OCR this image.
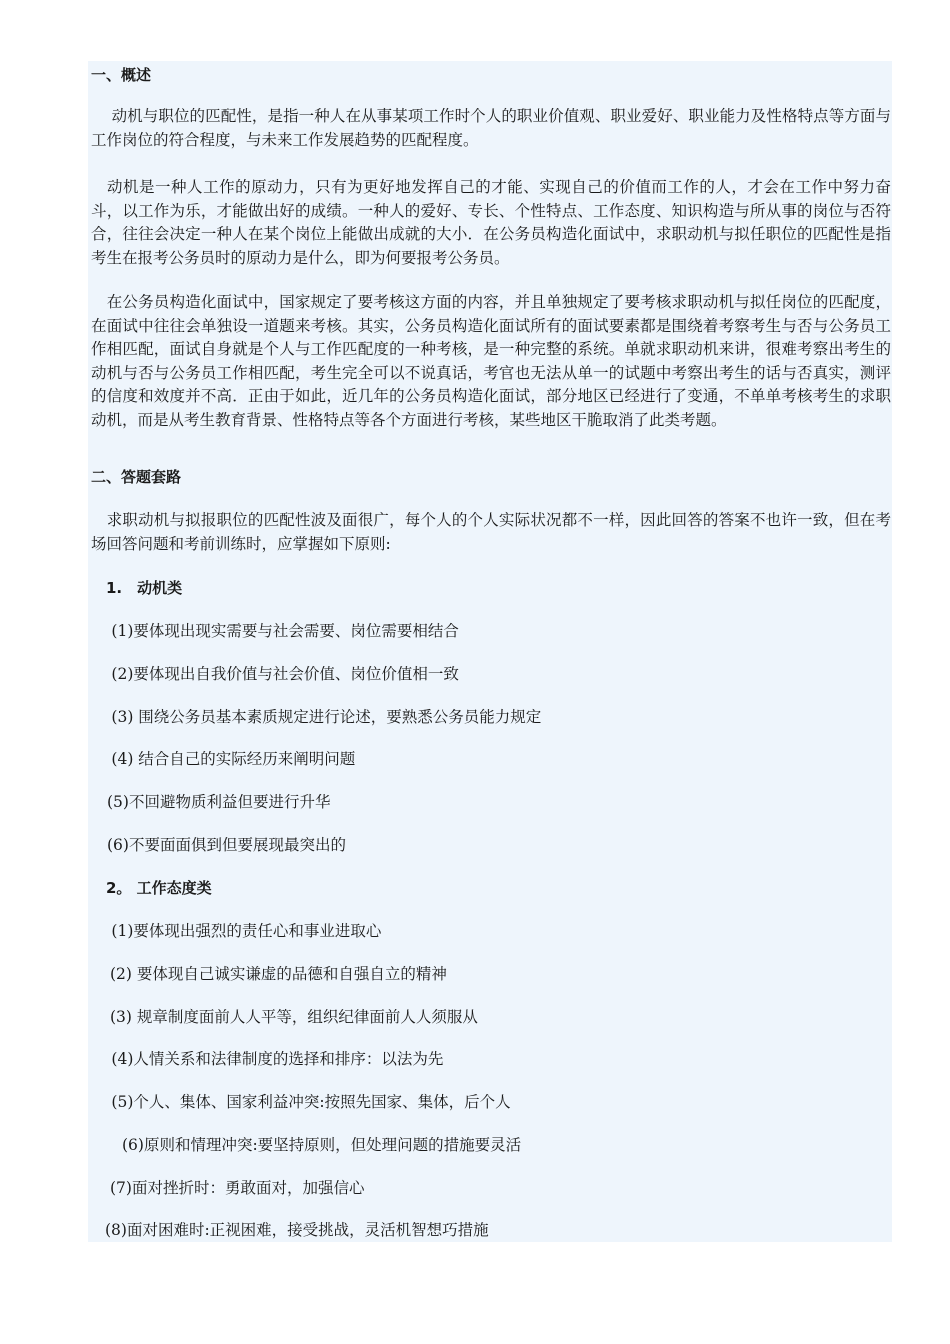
一、概述
　 动机与职位的匹配性，是指一种人在从事某项工作时个人的职业价值观、职业爱好、职业能力及性格特点等方面与工作岗位的符合程度，与未来工作发展趋势的匹配程度。
　动机是一种人工作的原动力，只有为更好地发挥自己的才能、实现自己的价值而工作的人，才会在工作中努力奋斗，以工作为乐，才能做出好的成绩。一种人的爱好、专长、个性特点、工作态度、知识构造与所从事的岗位与否符合，往往会决定一种人在某个岗位上能做出成就的大小．在公务员构造化面试中，求职动机与拟任职位的匹配性是指考生在报考公务员时的原动力是什么，即为何要报考公务员。
　在公务员构造化面试中，国家规定了要考核这方面的内容，并且单独规定了要考核求职动机与拟任岗位的匹配度，在面试中往往会单独设一道题来考核。其实，公务员构造化面试所有的面试要素都是围绕着考察考生与否与公务员工作相匹配，面试自身就是个人与工作匹配度的一种考核，是一种完整的系统。单就求职动机来讲，很难考察出考生的动机与否与公务员工作相匹配，考生完全可以不说真话，考官也无法从单一的试题中考察出考生的话与否真实，测评的信度和效度并不高．正由于如此，近几年的公务员构造化面试，部分地区已经进行了变通，不单单考核考生的求职动机，而是从考生教育背景、性格特点等各个方面进行考核，某些地区干脆取消了此类考题。
二、答题套路
　求职动机与拟报职位的匹配性波及面很广，每个人的个人实际状况都不一样，因此回答的答案不也许一致，但在考场回答问题和考前训练时，应掌握如下原则:
　1.　动机类
　 (1)要体现出现实需要与社会需要、岗位需要相结合
　 (2)要体现出自我价值与社会价值、岗位价值相一致
　 (3) 围绕公务员基本素质规定进行论述，要熟悉公务员能力规定
　 (4) 结合自己的实际经历来阐明问题
(5)不回避物质利益但要进行升华
(6)不要面面俱到但要展现最突出的
　2。 工作态度类
　 (1)要体现出强烈的责任心和事业进取心
(2) 要体现自己诚实谦虚的品德和自强自立的精神
(3) 规章制度面前人人平等，组织纪律面前人人须服从
　 (4)人情关系和法律制度的选择和排序：以法为先
　 (5)个人、集体、国家利益冲突:按照先国家、集体，后个人
　　(6)原则和情理冲突:要坚持原则，但处理问题的措施要灵活
(7)面对挫折时：勇敢面对，加强信心
(8)面对困难时:正视困难，接受挑战，灵活机智想巧措施
